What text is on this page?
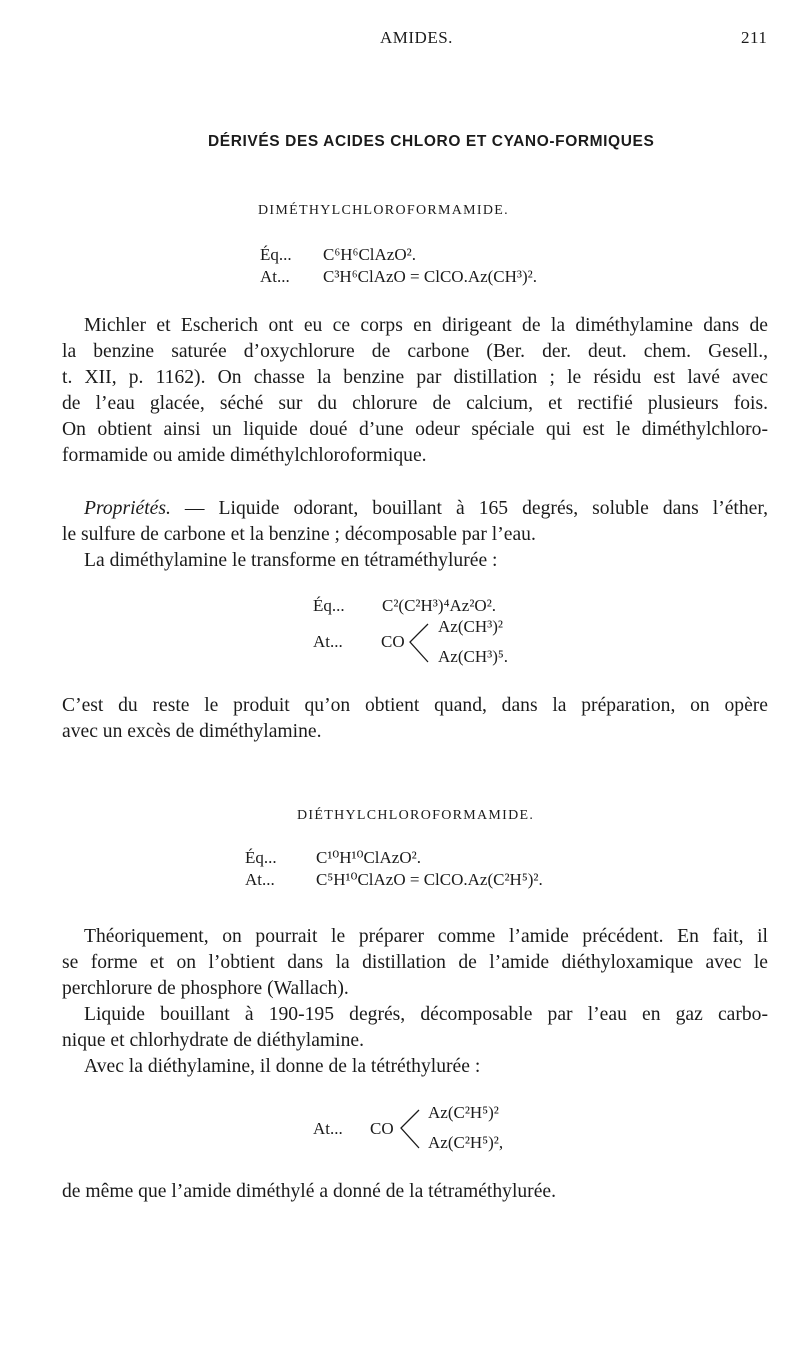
AMIDES.	211
DÉRIVÉS DES ACIDES CHLORO ET CYANO-FORMIQUES
DIMÉTHYLCHLOROFORMAMIDE.
Éq... C⁶H⁶ClAzO².
At... C³H⁶ClAzO = ClCO.Az(CH³)².
Michler et Escherich ont eu ce corps en dirigeant de la diméthylamine dans de
la benzine saturée d’oxychlorure de carbone (Ber. der. deut. chem. Gesell.,
t. XII, p. 1162). On chasse la benzine par distillation ; le résidu est lavé avec
de l’eau glacée, séché sur du chlorure de calcium, et rectifié plusieurs fois.
On obtient ainsi un liquide doué d’une odeur spéciale qui est le diméthylchloro-
formamide ou amide diméthylchloroformique.
Propriétés. — Liquide odorant, bouillant à 165 degrés, soluble dans l’éther,
le sulfure de carbone et la benzine ; décomposable par l’eau.
La diméthylamine le transforme en tétraméthylurée :
Éq... C²(C²H³)⁴Az²O².
At... CO
Az(CH³)²
Az(CH³)⁵.
C’est du reste le produit qu’on obtient quand, dans la préparation, on opère
avec un excès de diméthylamine.
DIÉTHYLCHLOROFORMAMIDE.
Éq... C¹⁰H¹⁰ClAzO².
At... C⁵H¹⁰ClAzO = ClCO.Az(C²H⁵)².
Théoriquement, on pourrait le préparer comme l’amide précédent. En fait, il
se forme et on l’obtient dans la distillation de l’amide diéthyloxamique avec le
perchlorure de phosphore (Wallach).
Liquide bouillant à 190-195 degrés, décomposable par l’eau en gaz carbo-
nique et chlorhydrate de diéthylamine.
Avec la diéthylamine, il donne de la tétréthylurée :
At... CO
Az(C²H⁵)²
Az(C²H⁵)²,
de même que l’amide diméthylé a donné de la tétraméthylurée.
